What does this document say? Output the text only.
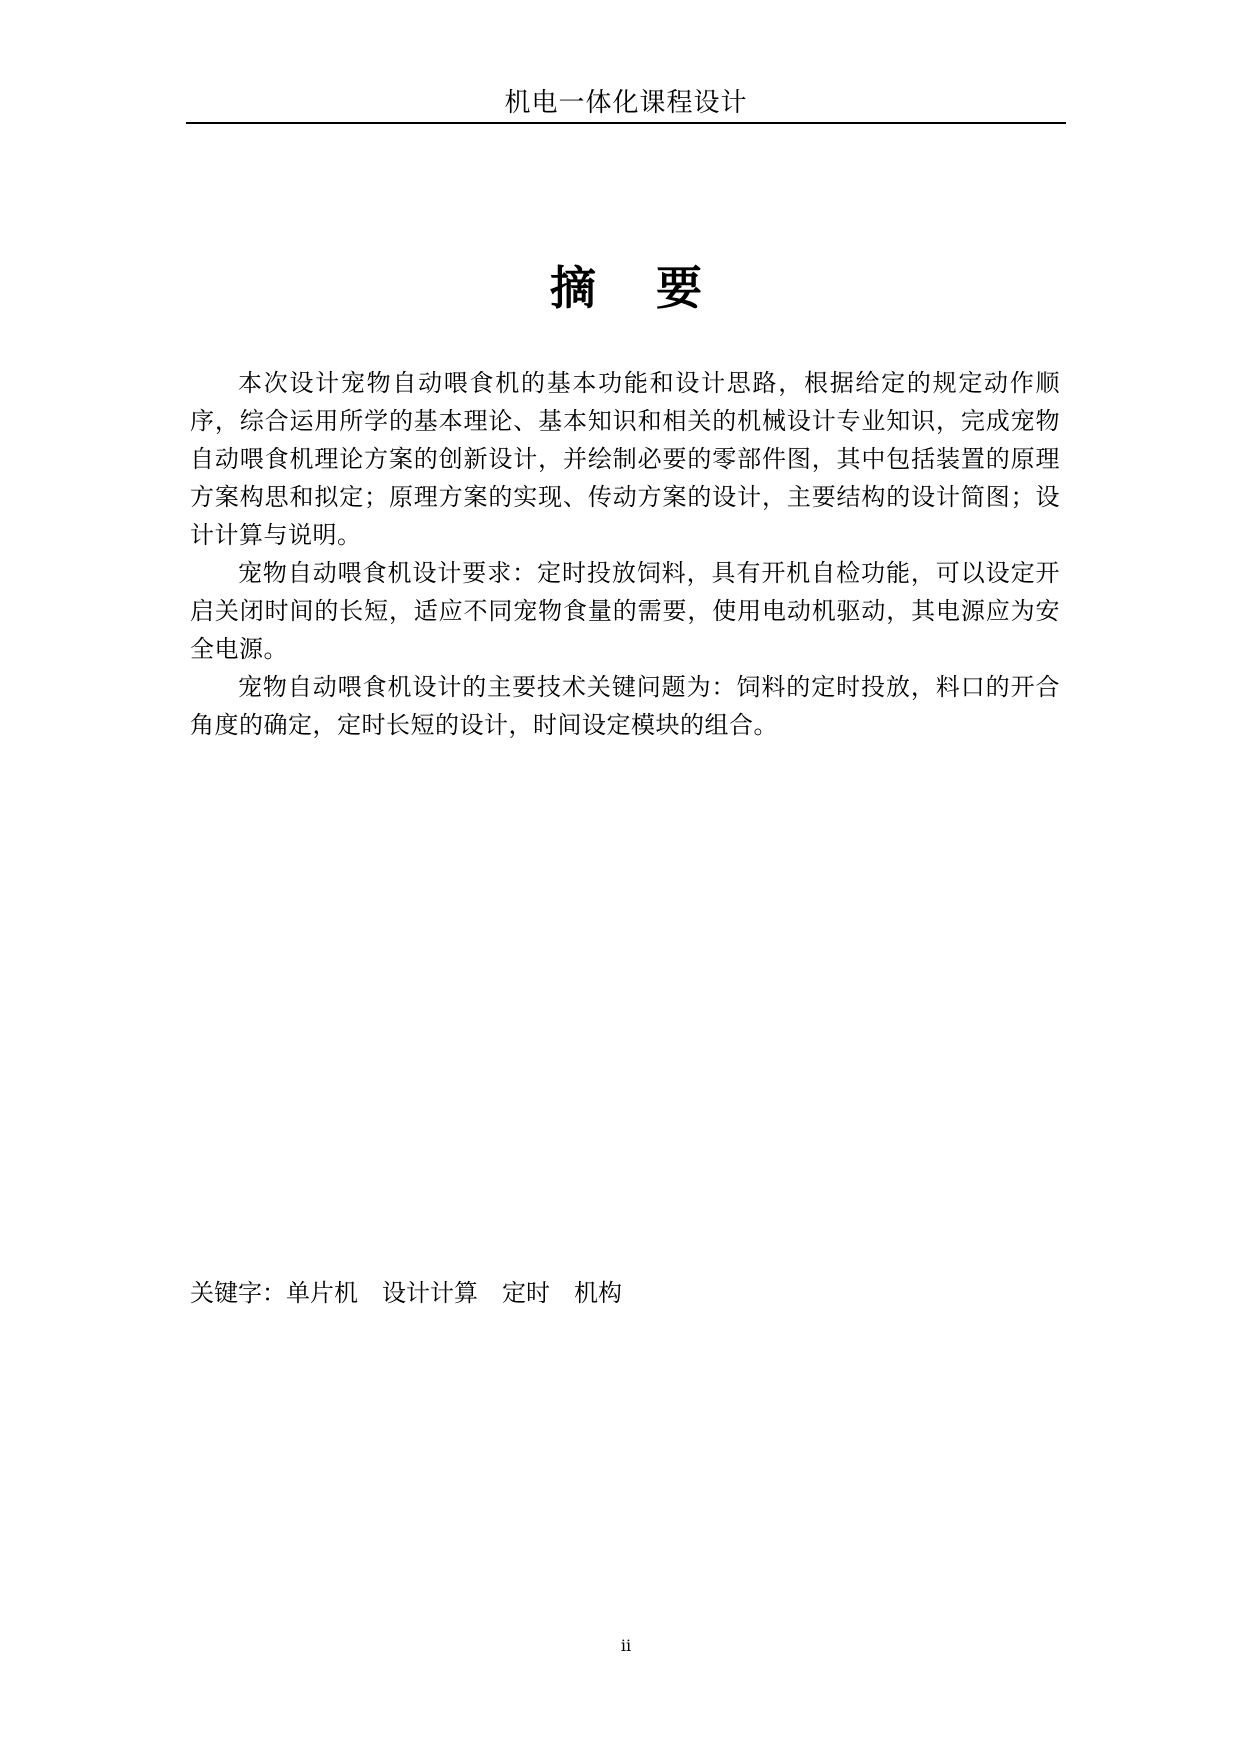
机电一体化课程设计
摘 要

本次设计宠物自动喂食机的基本功能和设计思路，根据给定的规定动作顺序，综合运用所学的基本理论、基本知识和相关的机械设计专业知识，完成宠物自动喂食机理论方案的创新设计，并绘制必要的零部件图，其中包括装置的原理方案构思和拟定；原理方案的实现、传动方案的设计，主要结构的设计简图；设计计算与说明。

宠物自动喂食机设计要求：定时投放饲料，具有开机自检功能，可以设定开启关闭时间的长短，适应不同宠物食量的需要，使用电动机驱动，其电源应为安全电源。

宠物自动喂食机设计的主要技术关键问题为：饲料的定时投放，料口的开合角度的确定，定时长短的设计，时间设定模块的组合。

关键字：单片机 设计计算 定时 机构
ii
